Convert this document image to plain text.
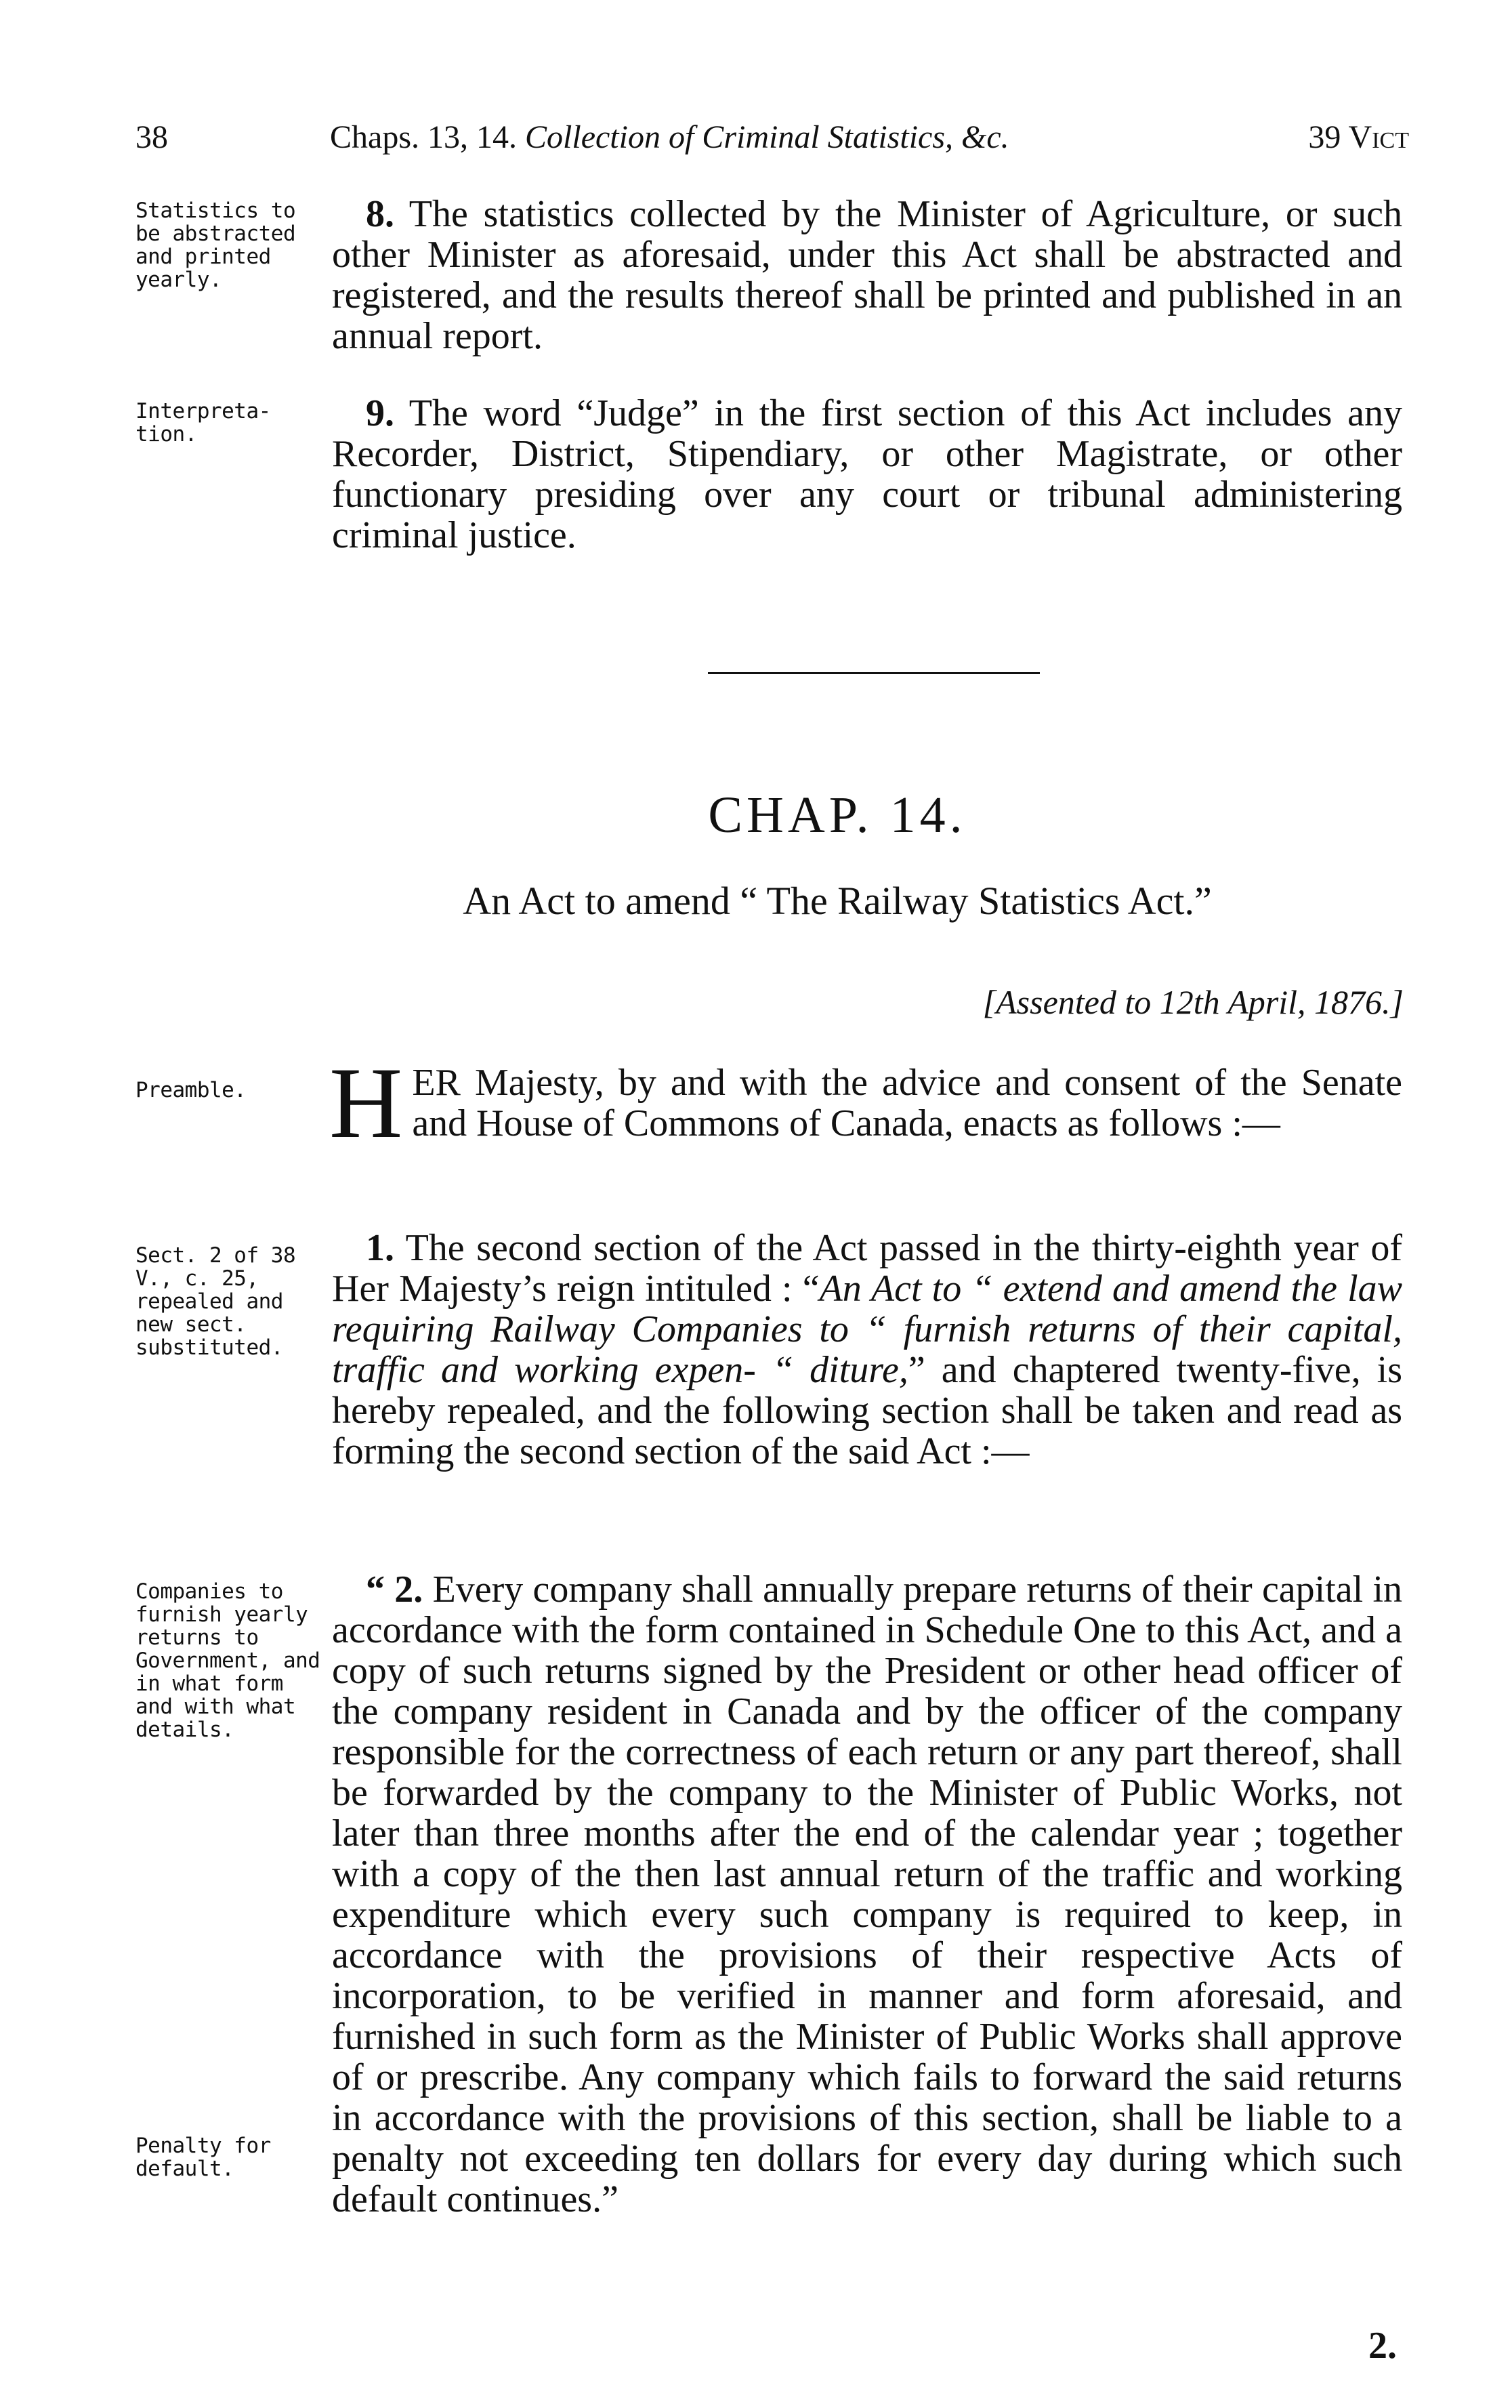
38	Chaps. 13, 14. Collection of Criminal Statistics, &c.	39 Vict
Statistics to be abstracted and printed yearly.
8. The statistics collected by the Minister of Agriculture, or such other Minister as aforesaid, under this Act shall be abstracted and registered, and the results thereof shall be printed and published in an annual report.
Interpreta-tion.	9. The word “Judge” in the first section of this Act includes any Recorder, District, Stipendiary, or other Magistrate, or other functionary presiding over any court or tribunal administering criminal justice.
CHAP. 14.
An Act to amend “ The Railway Statistics Act.”
[Assented to 12th April, 1876.]
Preamble. HER Majesty, by and with the advice and consent of the Senate and House of Commons of Canada, enacts as follows :—
Sect. 2 of 38 V., c. 25, repealed and new sect. substituted.
1. The second section of the Act passed in the thirty-eighth year of Her Majesty’s reign intituled : “An Act to “ extend and amend the law requiring Railway Companies to “ furnish returns of their capital, traffic and working expen- “ diture,” and chaptered twenty-five, is hereby repealed, and the following section shall be taken and read as forming the second section of the said Act :—
Companies to furnish yearly returns to Government, and in what form and with what details.
Penalty for default.
“ 2. Every company shall annually prepare returns of their capital in accordance with the form contained in Schedule One to this Act, and a copy of such returns signed by the President or other head officer of the company resident in Canada and by the officer of the company responsible for the correctness of each return or any part thereof, shall be forwarded by the company to the Minister of Public Works, not later than three months after the end of the calendar year ; together with a copy of the then last annual return of the traffic and working expenditure which every such company is required to keep, in accordance with the provisions of their respective Acts of incorporation, to be verified in manner and form aforesaid, and furnished in such form as the Minister of Public Works shall approve of or prescribe. Any company which fails to forward the said returns in accordance with the provisions of this section, shall be liable to a penalty not exceeding ten dollars for every day during which such default continues.”
2.
